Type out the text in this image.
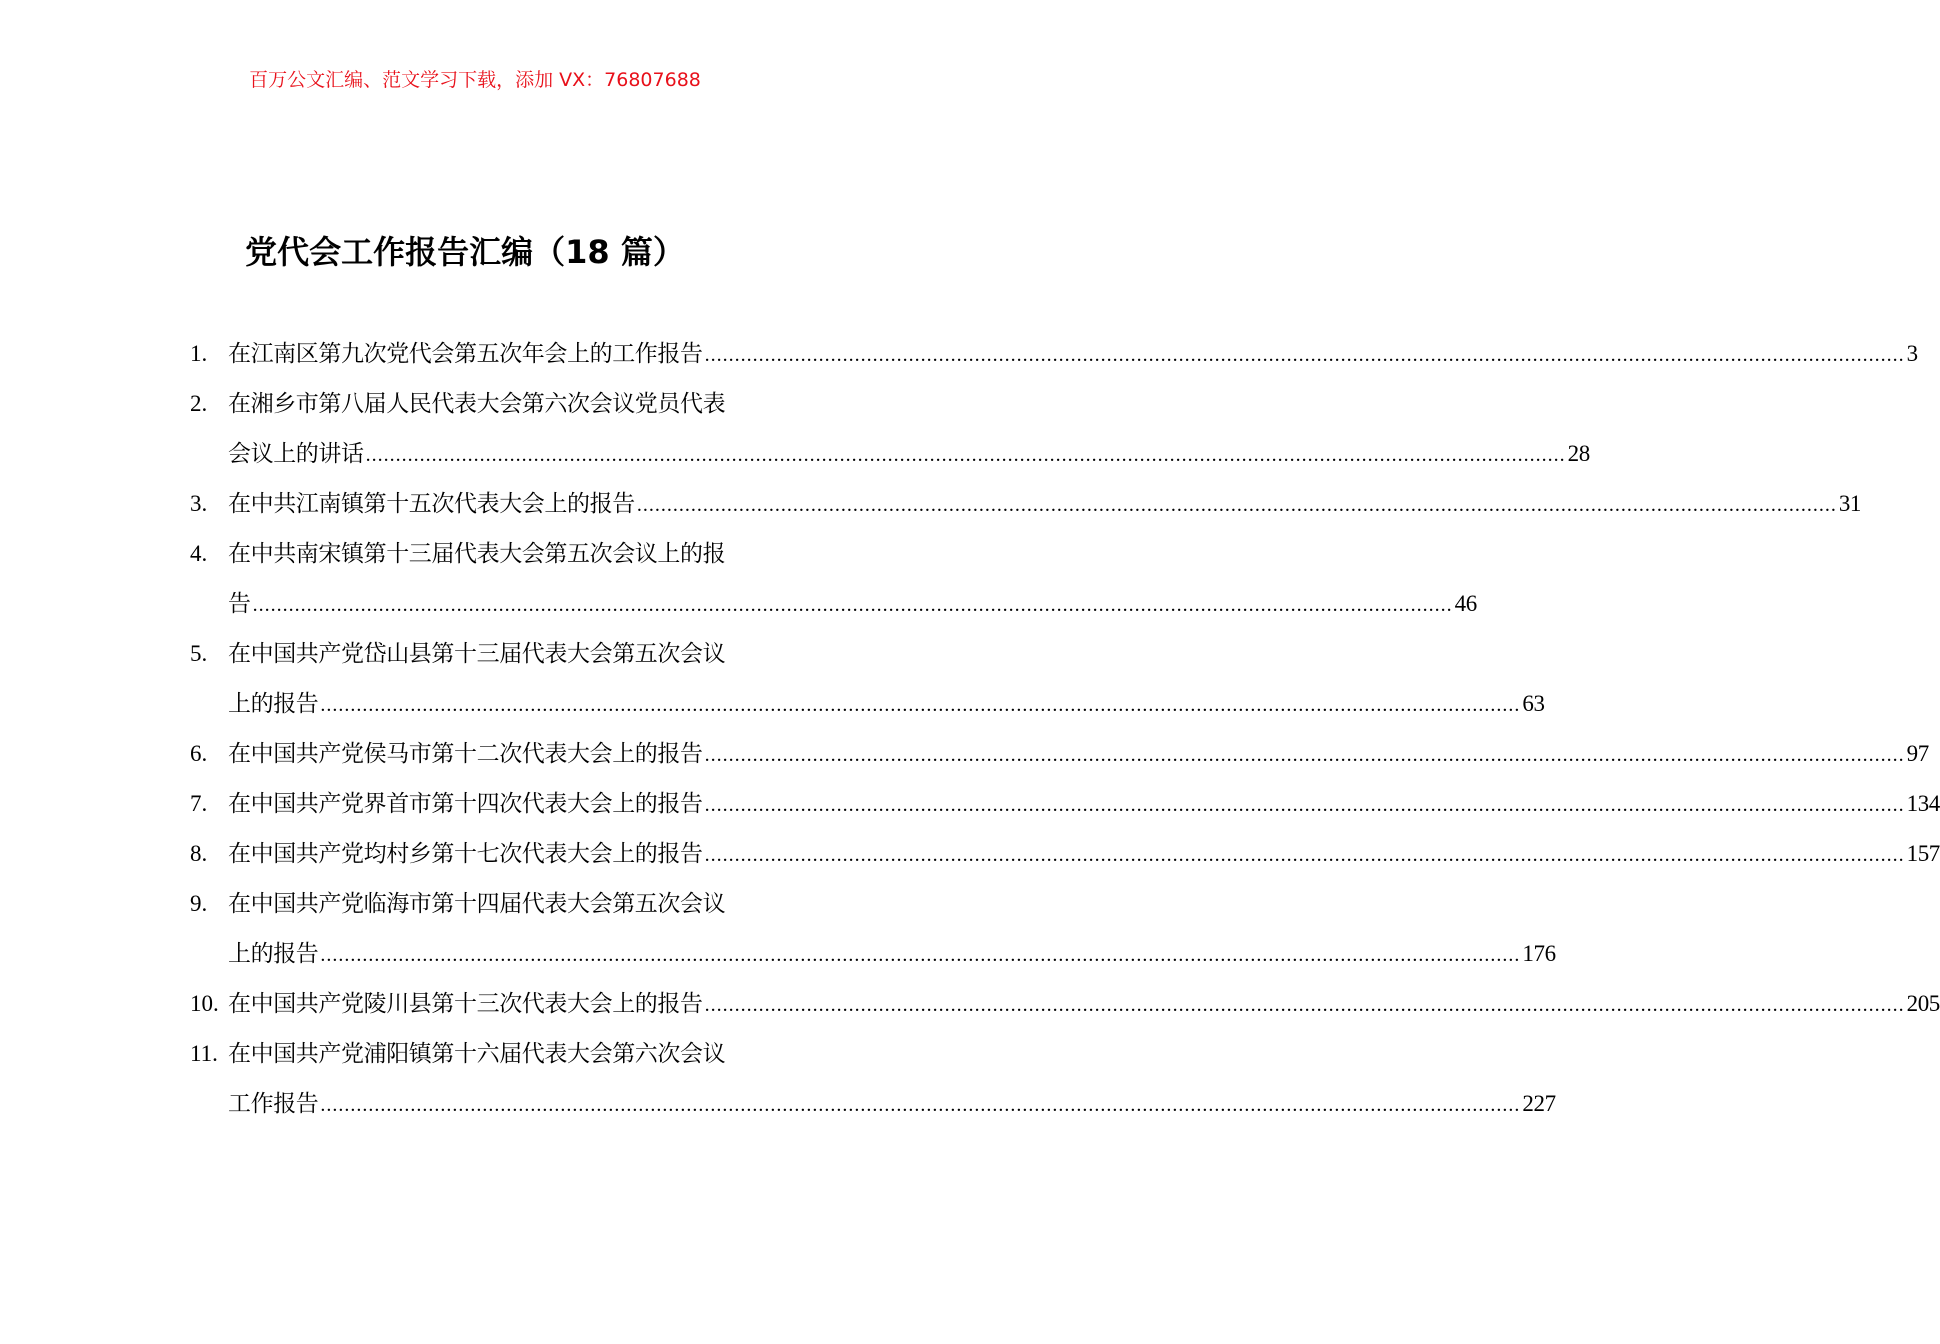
百万公文汇编、范文学习下载，添加 VX：76807688
党代会工作报告汇编（18 篇）
1. 在江南区第九次党代会第五次年会上的工作报告 ........................................................................................................................................................................................................ 3
2. 在湘乡市第八届人民代表大会第六次会议党员代表
会议上的讲话 ........................................................................................................................................................................................................ 28
3. 在中共江南镇第十五次代表大会上的报告 ........................................................................................................................................................................................................ 31
4. 在中共南宋镇第十三届代表大会第五次会议上的报
告 ........................................................................................................................................................................................................ 46
5. 在中国共产党岱山县第十三届代表大会第五次会议
上的报告 ........................................................................................................................................................................................................ 63
6. 在中国共产党侯马市第十二次代表大会上的报告 ........................................................................................................................................................................................................ 97
7. 在中国共产党界首市第十四次代表大会上的报告 ........................................................................................................................................................................................................ 134
8. 在中国共产党均村乡第十七次代表大会上的报告 ........................................................................................................................................................................................................ 157
9. 在中国共产党临海市第十四届代表大会第五次会议
上的报告 ........................................................................................................................................................................................................ 176
10. 在中国共产党陵川县第十三次代表大会上的报告 ........................................................................................................................................................................................................ 205
11. 在中国共产党浦阳镇第十六届代表大会第六次会议
工作报告 ........................................................................................................................................................................................................ 227
